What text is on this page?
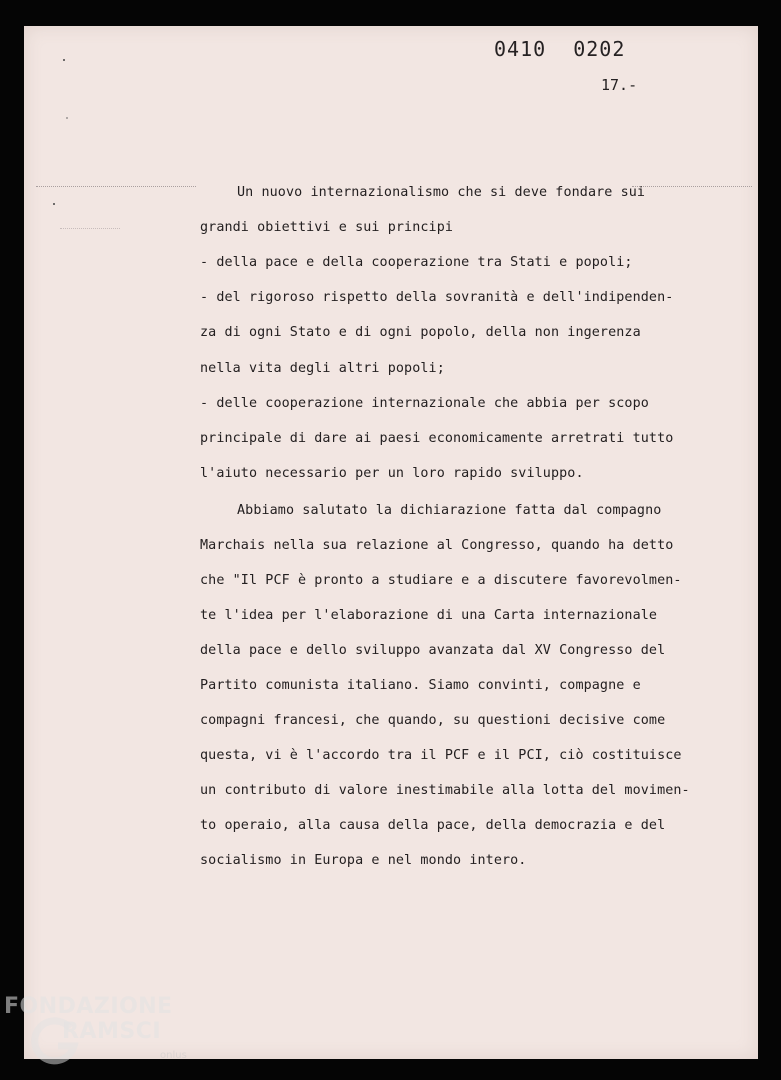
0410 0202

17.-

Un nuovo internazionalismo che si deve fondare sui

grandi obiettivi e sui principi

- della pace e della cooperazione tra Stati e popoli;

- del rigoroso rispetto della sovranità e dell'indipenden-

za di ogni Stato e di ogni popolo, della non ingerenza

nella vita degli altri popoli;

- delle cooperazione internazionale che abbia per scopo

principale di dare ai paesi economicamente arretrati tutto

l'aiuto necessario per un loro rapido sviluppo.

Abbiamo salutato la dichiarazione fatta dal compagno

Marchais nella sua relazione al Congresso, quando ha detto

che "Il PCF è pronto a studiare e a discutere favorevolmen-

te l'idea per l'elaborazione di una Carta internazionale

della pace e dello sviluppo avanzata dal XV Congresso del

Partito comunista italiano. Siamo convinti, compagne e

compagni francesi, che quando, su questioni decisive come

questa, vi è l'accordo tra il PCF e il PCI, ciò costituisce

un contributo di valore inestimabile alla lotta del movimen-

to operaio, alla causa della pace, della democrazia e del

socialismo in Europa e nel mondo intero.

FONDAZIONE

RAMSCI

onlus
